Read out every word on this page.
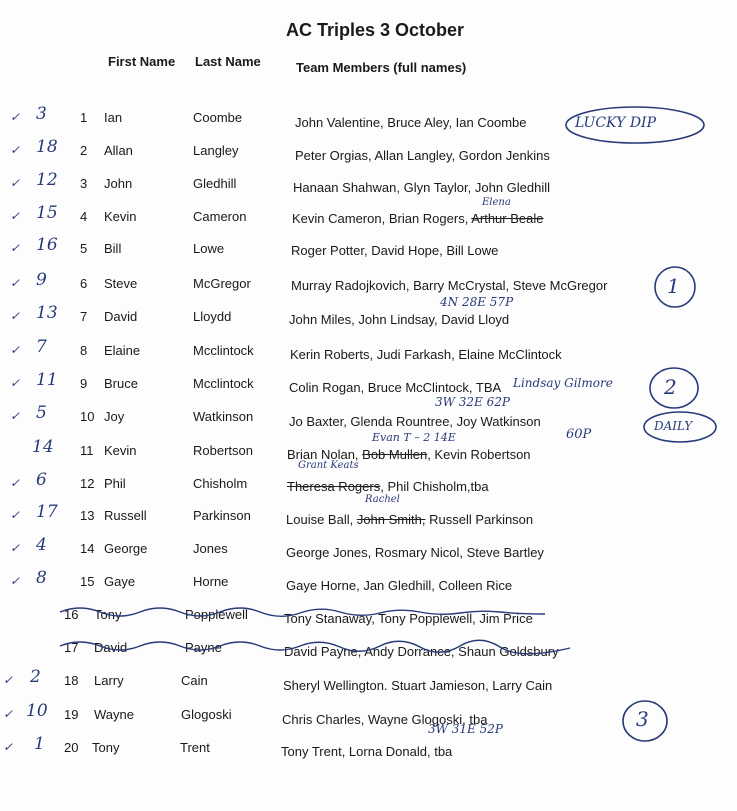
AC Triples 3 October
First Name Last Name	Team Members (full names)
✓ 3	1 Ian	Coombe	John Valentine, Bruce Aley, Ian Coombe
✓ 18 2 Allan	Langley	Peter Orgias, Allan Langley, Gordon Jenkins
✓ 12 3 John	Gledhill	Hanaan Shahwan, Glyn Taylor, John Gledhill
✓ 15 4 Kevin	Cameron	Kevin Cameron, Brian Rogers, Arthur Beale
Elena
✓ 16 5 Bill	Lowe	Roger Potter, David Hope, Bill Lowe
✓ 9	6 Steve	McGregor	Murray Radojkovich, Barry McCrystal, Steve McGregor
✓ 13 7 David	Lloydd	John Miles, John Lindsay, David Lloyd
4N 28E 57P
✓ 7	8 Elaine	Mcclintock	Kerin Roberts, Judi Farkash, Elaine McClintock
✓ 11 9 Bruce	Mcclintock	Colin Rogan, Bruce McClintock, TBA Lindsay Gilmore
✓ 5	10 Joy	Watkinson	Jo Baxter, Glenda Rountree, Joy Watkinson
3W 32E 62P
14 11 Kevin	Robertson	Brian Nolan, Bob Mullen, Kevin Robertson
Evan T – 2 14E	60P
✓ 6	12 Phil	Chisholm	Theresa Rogers, Phil Chisholm,tba
Grant Keats
✓ 17 13 Russell	Parkinson	Louise Ball, John Smith, Russell Parkinson
Rachel
✓ 4	14 George	Jones	George Jones, Rosmary Nicol, Steve Bartley
✓ 8	15 Gaye	Horne	Gaye Horne, Jan Gledhill, Colleen Rice
16 Tony	Popplewell	Tony Stanaway, Tony Popplewell, Jim Price
17 David	Payne	David Payne, Andy Dorrance, Shaun Goldsbury
✓ 2 18 Larry	Cain	Sheryl Wellington. Stuart Jamieson, Larry Cain
✓ 10 19 Wayne	Glogoski	Chris Charles, Wayne Glogoski, tba
✓ 1 20 Tony	Trent	Tony Trent, Lorna Donald, tba
3W 31E 52P
LUCKY DIP
1
2
DAILY
3
